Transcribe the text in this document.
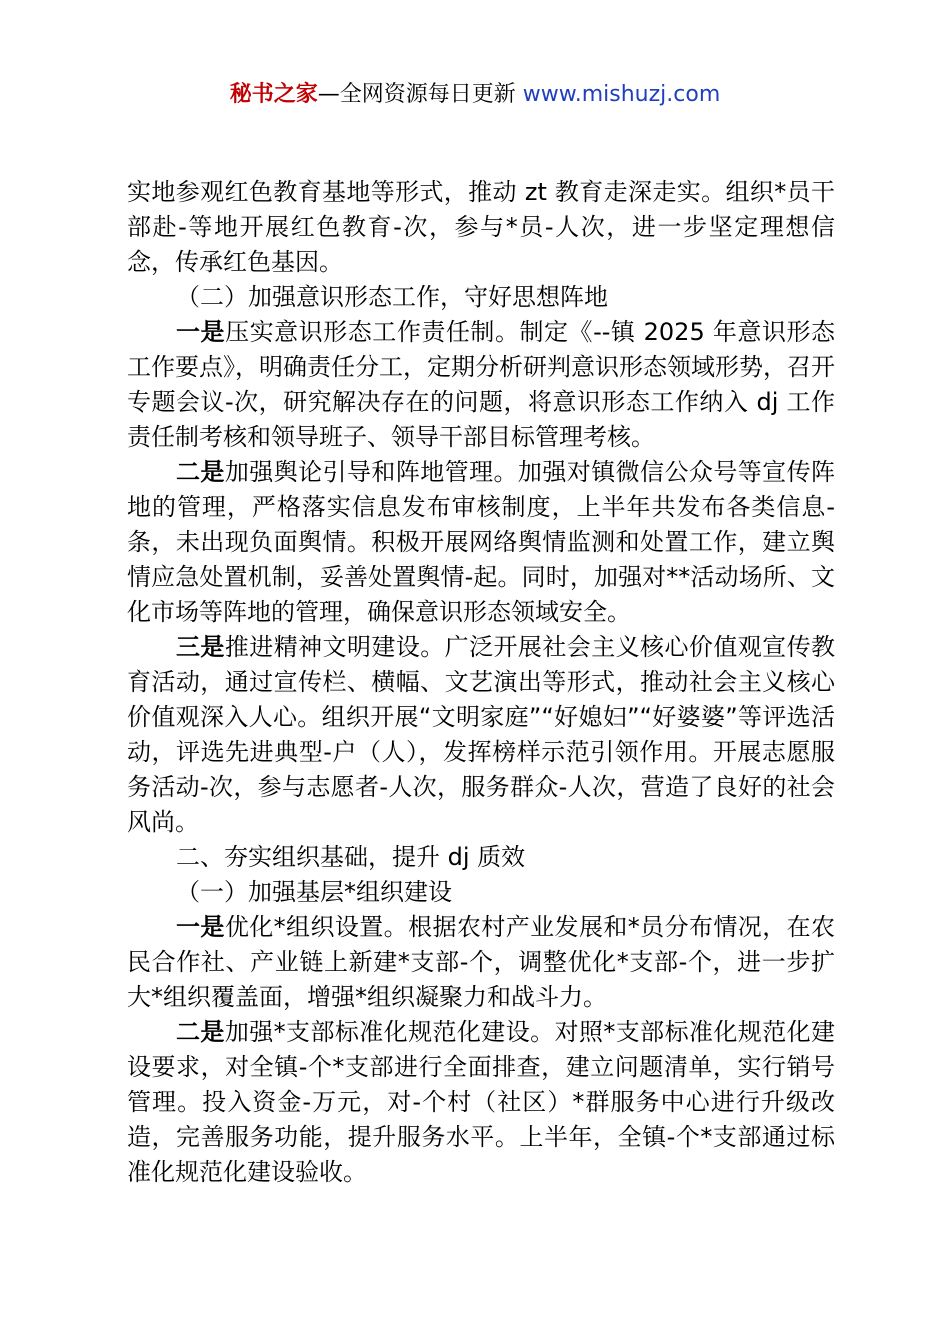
秘书之家—全网资源每日更新 www.mishuzj.com

实地参观红色教育基地等形式，推动 zt 教育走深走实。组织*员干部赴-等地开展红色教育-次，参与*员-人次，进一步坚定理想信念，传承红色基因。

（二）加强意识形态工作，守好思想阵地

一是压实意识形态工作责任制。制定《--镇 2025 年意识形态工作要点》，明确责任分工，定期分析研判意识形态领域形势，召开专题会议-次，研究解决存在的问题，将意识形态工作纳入 dj 工作责任制考核和领导班子、领导干部目标管理考核。

二是加强舆论引导和阵地管理。加强对镇微信公众号等宣传阵地的管理，严格落实信息发布审核制度，上半年共发布各类信息-条，未出现负面舆情。积极开展网络舆情监测和处置工作，建立舆情应急处置机制，妥善处置舆情-起。同时，加强对**活动场所、文化市场等阵地的管理，确保意识形态领域安全。

三是推进精神文明建设。广泛开展社会主义核心价值观宣传教育活动，通过宣传栏、横幅、文艺演出等形式，推动社会主义核心价值观深入人心。组织开展“文明家庭”“好媳妇”“好婆婆”等评选活动，评选先进典型-户（人），发挥榜样示范引领作用。开展志愿服务活动-次，参与志愿者-人次，服务群众-人次，营造了良好的社会风尚。

二、夯实组织基础，提升 dj 质效

（一）加强基层*组织建设

一是优化*组织设置。根据农村产业发展和*员分布情况，在农民合作社、产业链上新建*支部-个，调整优化*支部-个，进一步扩大*组织覆盖面，增强*组织凝聚力和战斗力。

二是加强*支部标准化规范化建设。对照*支部标准化规范化建设要求，对全镇-个*支部进行全面排查，建立问题清单，实行销号管理。投入资金-万元，对-个村（社区）*群服务中心进行升级改造，完善服务功能，提升服务水平。上半年，全镇-个*支部通过标准化规范化建设验收。
